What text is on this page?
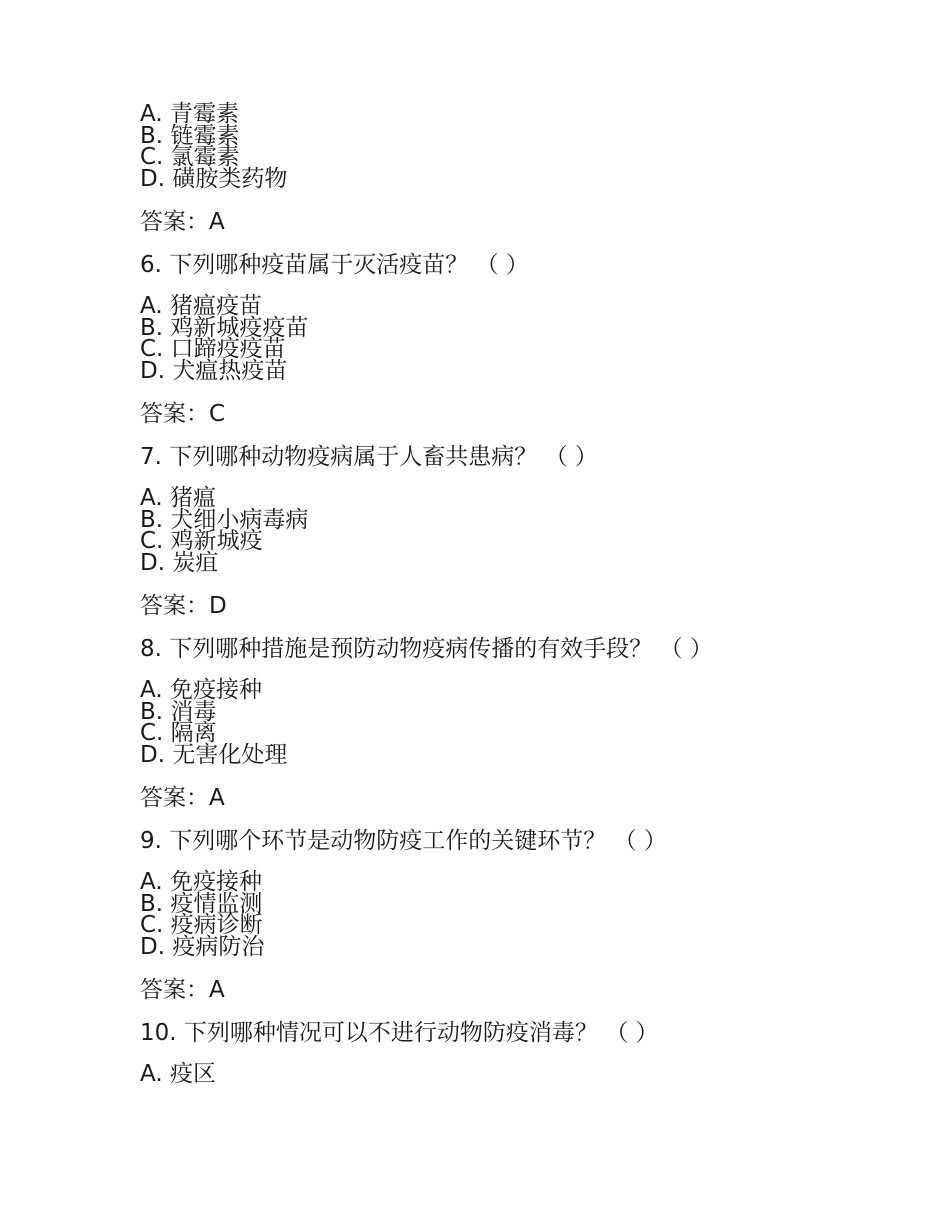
A. 青霉素
B. 链霉素
C. 氯霉素
D. 磺胺类药物
答案：A
6. 下列哪种疫苗属于灭活疫苗？ （ ）
A. 猪瘟疫苗
B. 鸡新城疫疫苗
C. 口蹄疫疫苗
D. 犬瘟热疫苗
答案：C
7. 下列哪种动物疫病属于人畜共患病？ （ ）
A. 猪瘟
B. 犬细小病毒病
C. 鸡新城疫
D. 炭疽
答案：D
8. 下列哪种措施是预防动物疫病传播的有效手段？ （ ）
A. 免疫接种
B. 消毒
C. 隔离
D. 无害化处理
答案：A
9. 下列哪个环节是动物防疫工作的关键环节？ （ ）
A. 免疫接种
B. 疫情监测
C. 疫病诊断
D. 疫病防治
答案：A
10. 下列哪种情况可以不进行动物防疫消毒？ （ ）
A. 疫区
